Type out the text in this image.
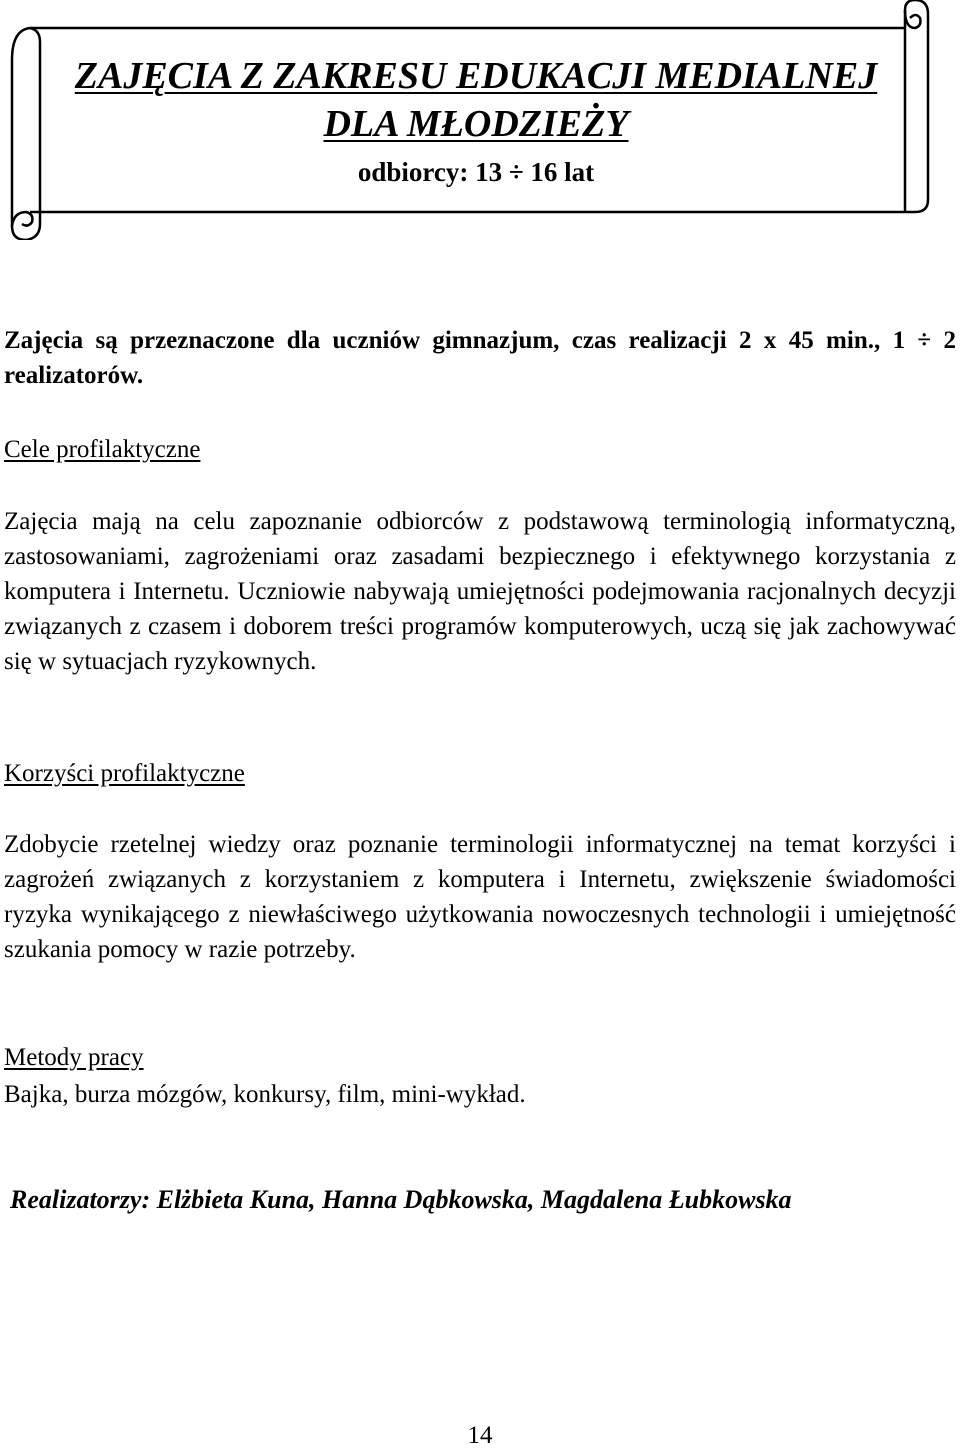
ZAJĘCIA Z ZAKRESU EDUKACJI MEDIALNEJ
DLA MŁODZIEŻY
odbiorcy: 13 ÷ 16 lat
Zajęcia są przeznaczone dla uczniów gimnazjum, czas realizacji 2 x 45 min., 1 ÷ 2 realizatorów.
Cele profilaktyczne
Zajęcia mają na celu zapoznanie odbiorców z podstawową terminologią informatyczną, zastosowaniami, zagrożeniami oraz zasadami bezpiecznego i efektywnego korzystania z komputera i Internetu. Uczniowie nabywają umiejętności podejmowania racjonalnych decyzji związanych z czasem i doborem treści programów komputerowych, uczą się jak zachowywać się w sytuacjach ryzykownych.
Korzyści profilaktyczne
Zdobycie rzetelnej wiedzy oraz poznanie terminologii informatycznej na temat korzyści i zagrożeń związanych z korzystaniem z komputera i Internetu, zwiększenie świadomości ryzyka wynikającego z niewłaściwego użytkowania nowoczesnych technologii i umiejętność szukania pomocy w razie potrzeby.
Metody pracy
Bajka, burza mózgów, konkursy, film, mini-wykład.
Realizatorzy: Elżbieta Kuna, Hanna Dąbkowska, Magdalena Łubkowska
14
